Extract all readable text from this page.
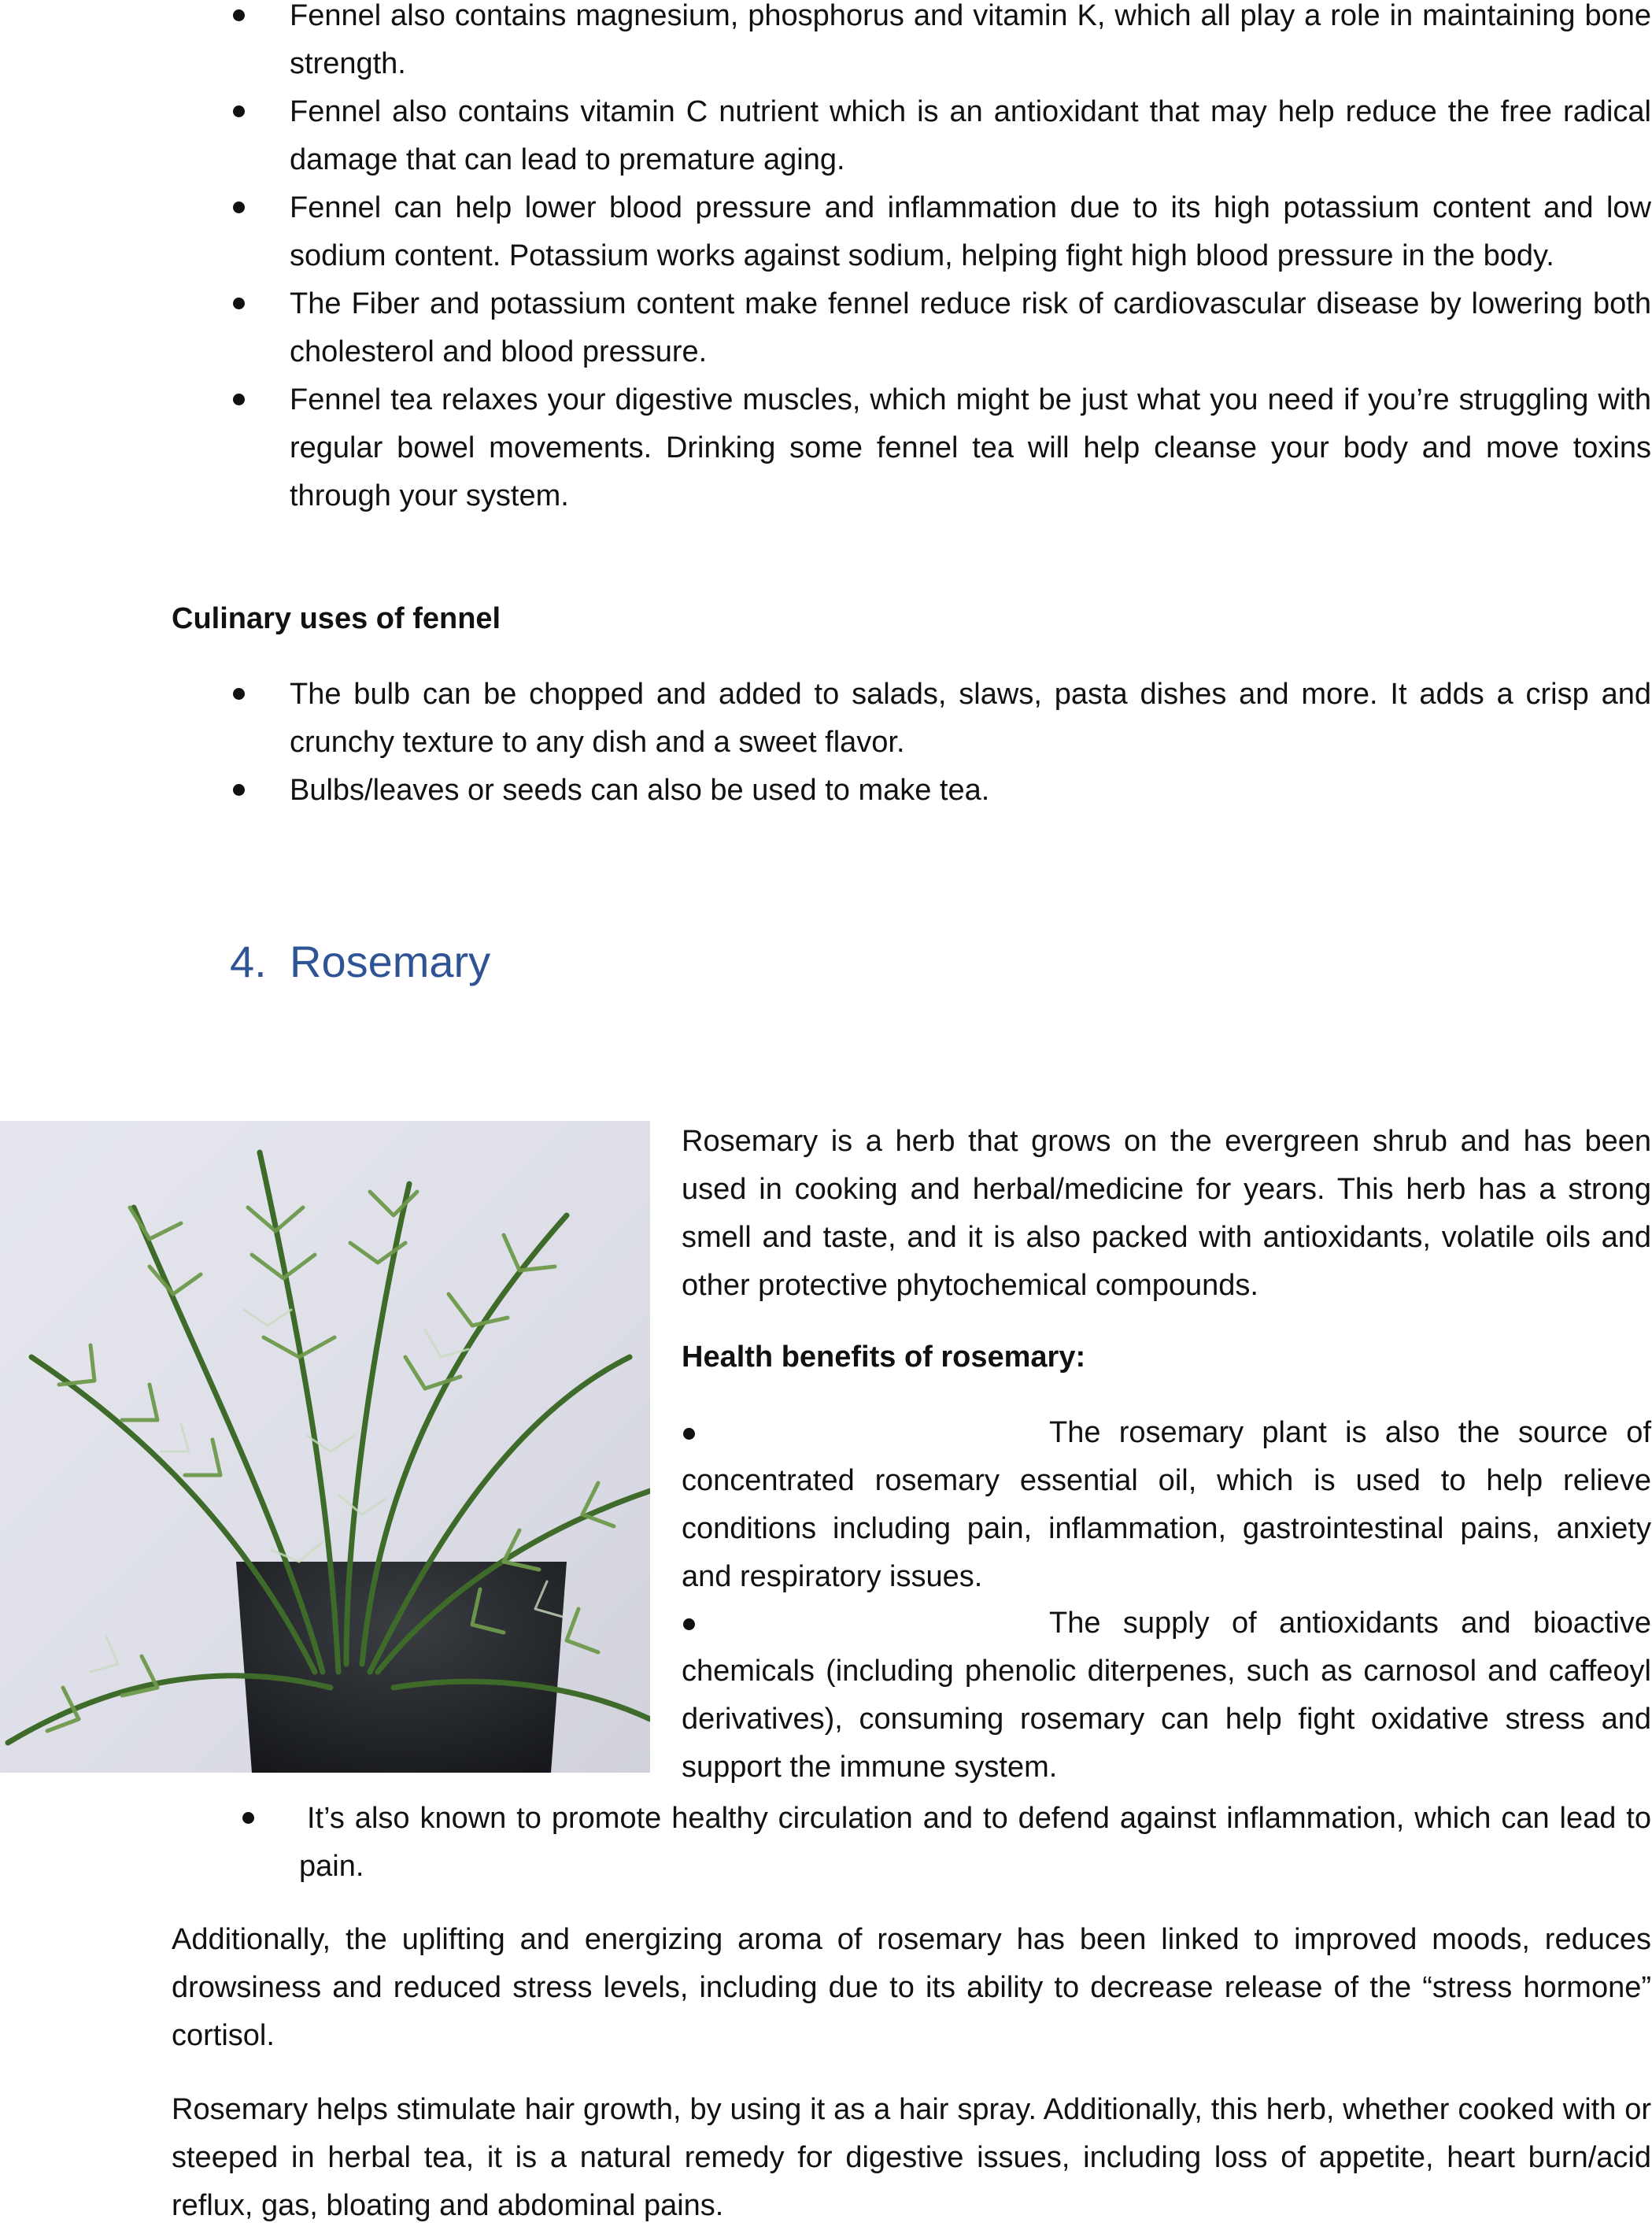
Fennel also contains magnesium, phosphorus and vitamin K, which all play a role in maintaining bone strength.
Fennel also contains vitamin C nutrient which is an antioxidant that may help reduce the free radical damage that can lead to premature aging.
Fennel can help lower blood pressure and inflammation due to its high potassium content and low sodium content. Potassium works against sodium, helping fight high blood pressure in the body.
The Fiber and potassium content make fennel reduce risk of cardiovascular disease by lowering both cholesterol and blood pressure.
Fennel tea relaxes your digestive muscles, which might be just what you need if you’re struggling with regular bowel movements. Drinking some fennel tea will help cleanse your body and move toxins through your system.

Culinary uses of fennel

The bulb can be chopped and added to salads, slaws, pasta dishes and more. It adds a crisp and crunchy texture to any dish and a sweet flavor.
Bulbs/leaves or seeds can also be used to make tea.
4. Rosemary

Rosemary is a herb that grows on the evergreen shrub and has been used in cooking and herbal/medicine for years. This herb has a strong smell and taste, and it is also packed with antioxidants, volatile oils and other protective phytochemical compounds.

Health benefits of rosemary:

The rosemary plant is also the source of concentrated rosemary essential oil, which is used to help relieve conditions including pain, inflammation, gastrointestinal pains, anxiety and respiratory issues.

The supply of antioxidants and bioactive chemicals (including phenolic diterpenes, such as carnosol and caffeoyl derivatives), consuming rosemary can help fight oxidative stress and support the immune system.

It’s also known to promote healthy circulation and to defend against inflammation, which can lead to pain.

Additionally, the uplifting and energizing aroma of rosemary has been linked to improved moods, reduces drowsiness and reduced stress levels, including due to its ability to decrease release of the “stress hormone” cortisol.

Rosemary helps stimulate hair growth, by using it as a hair spray. Additionally, this herb, whether cooked with or steeped in herbal tea, it is a natural remedy for digestive issues, including loss of appetite, heart burn/acid reflux, gas, bloating and abdominal pains.
